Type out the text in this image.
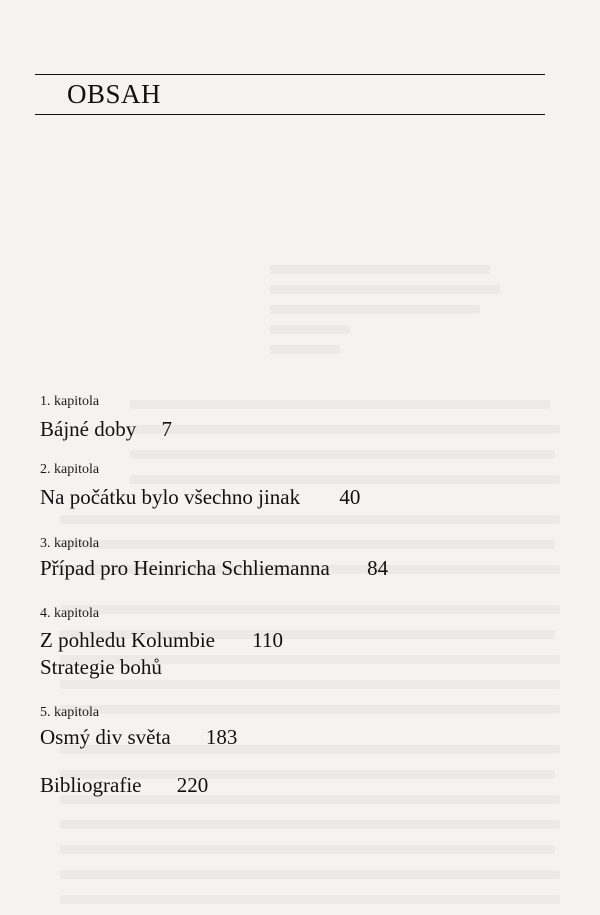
OBSAH
1. kapitola
Bájné doby 7
2. kapitola
Na počátku bylo všechno jinak 40
3. kapitola
Případ pro Heinricha Schliemanna 84
4. kapitola
Z pohledu Kolumbie 110
Strategie bohů
5. kapitola
Osmý div světa 183
Bibliografie 220
